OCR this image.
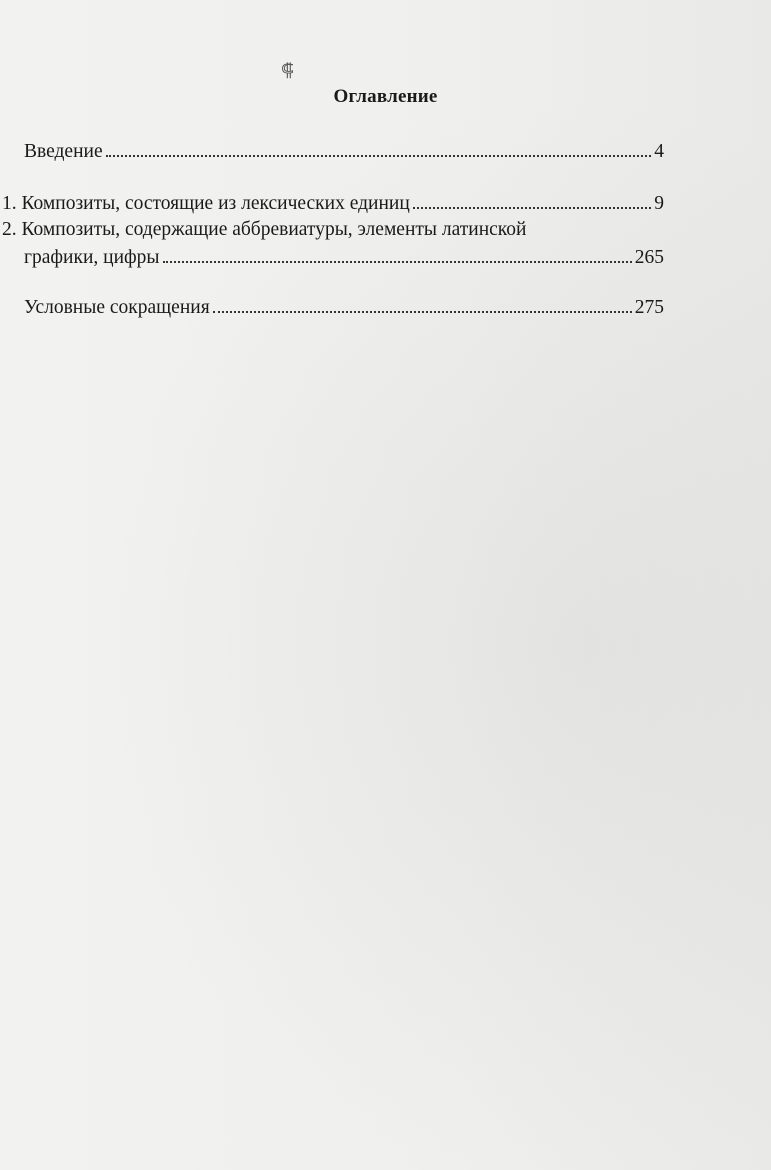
⸿
Оглавление
Введение	4
1. Композиты, состоящие из лексических единиц	9
2. Композиты, содержащие аббревиатуры, элементы латинской
графики, цифры	265
Условные сокращения	275
